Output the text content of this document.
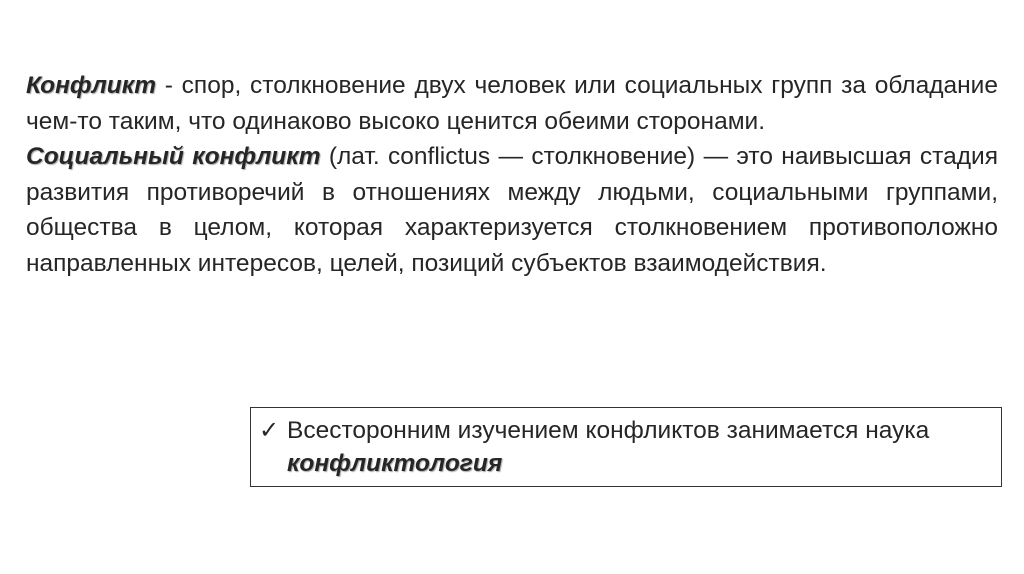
Конфликт - спор, столкновение двух человек или социальных групп за обладание чем-то таким, что одинаково высоко ценится обеими сторонами.

Социальный конфликт (лат. conflictus — столкновение) — это наивысшая стадия развития противоречий в отношениях между людьми, социальными группами, общества в целом, которая характеризуется столкновением противоположно направленных интересов, целей, позиций субъектов взаимодействия.

✓ Всесторонним изучением конфликтов занимается наука
конфликтология
